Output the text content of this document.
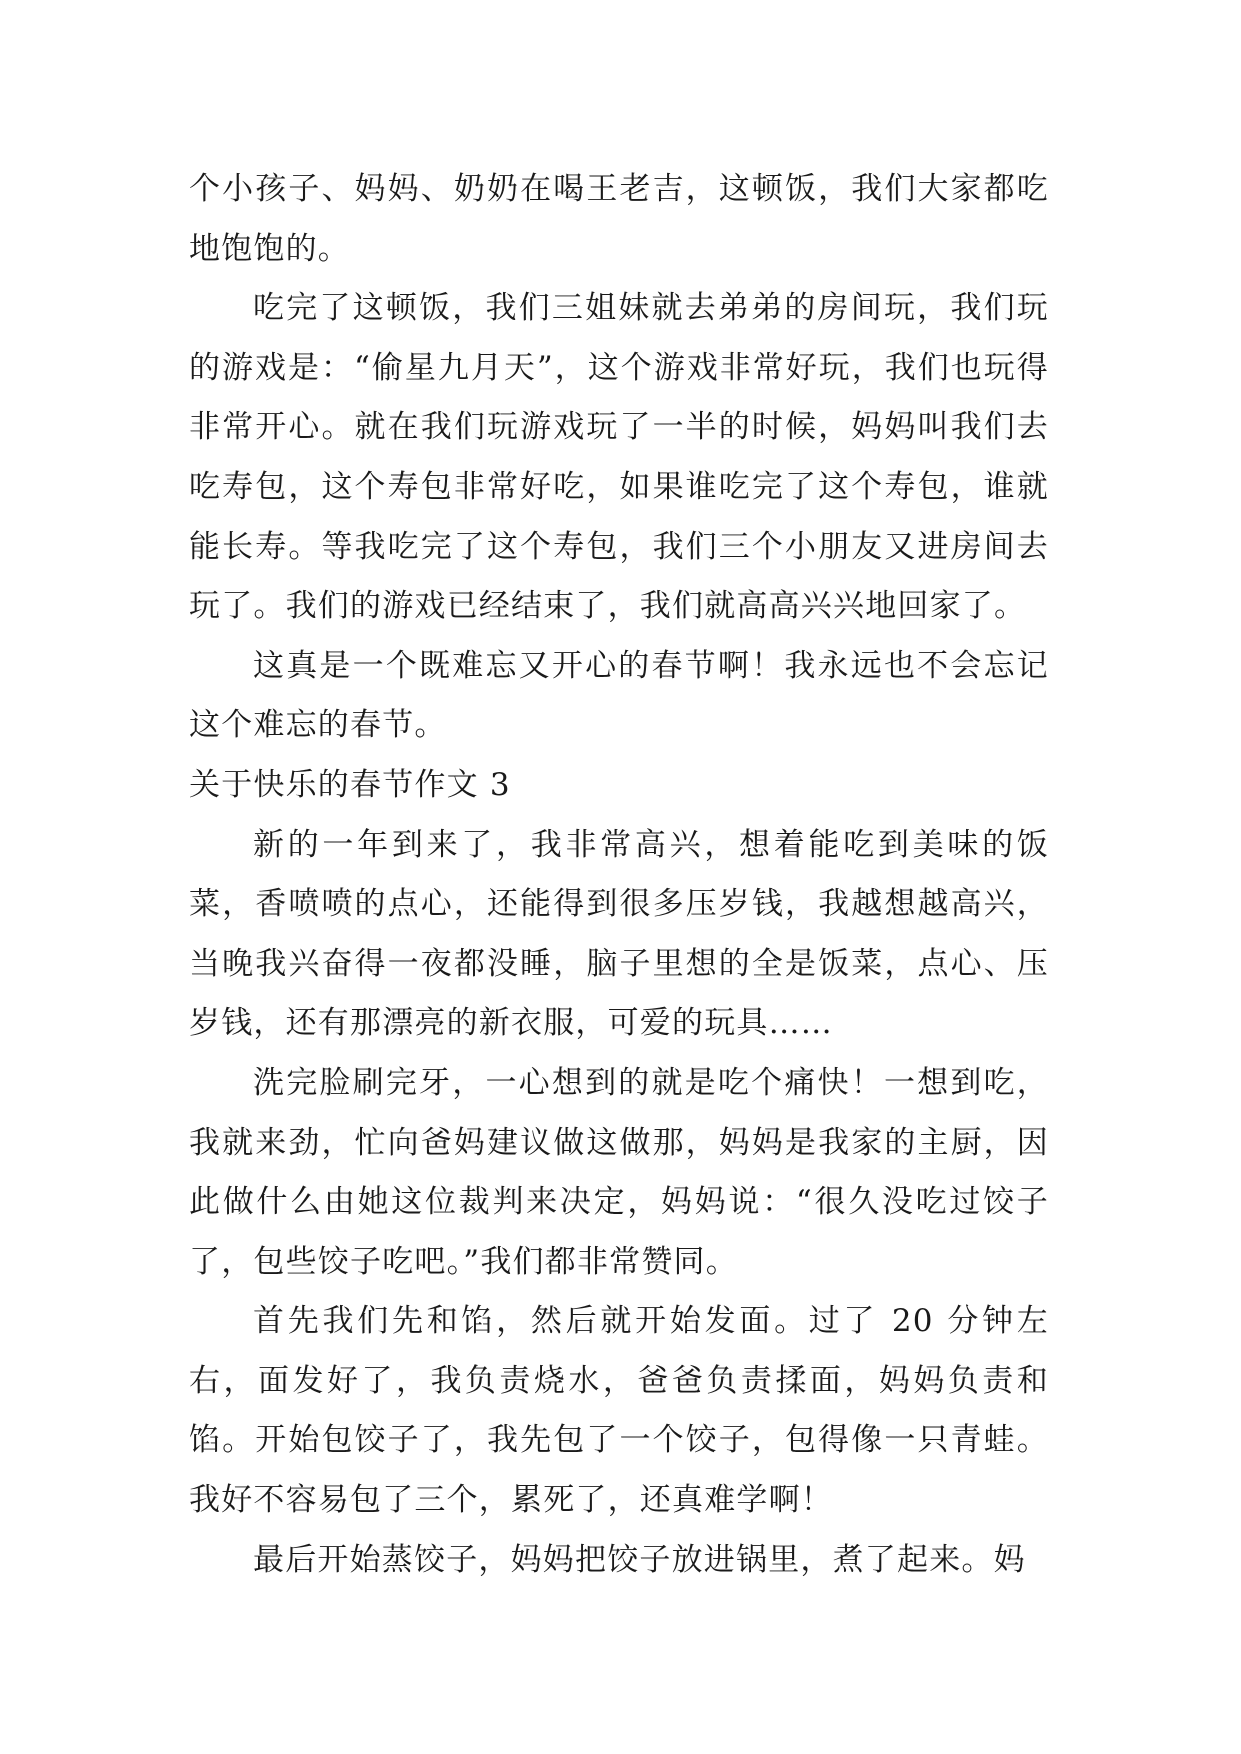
个小孩子、妈妈、奶奶在喝王老吉，这顿饭，我们大家都吃地饱饱的。

吃完了这顿饭，我们三姐妹就去弟弟的房间玩，我们玩的游戏是：“偷星九月天”，这个游戏非常好玩，我们也玩得非常开心。就在我们玩游戏玩了一半的时候，妈妈叫我们去吃寿包，这个寿包非常好吃，如果谁吃完了这个寿包，谁就能长寿。等我吃完了这个寿包，我们三个小朋友又进房间去玩了。我们的游戏已经结束了，我们就高高兴兴地回家了。

这真是一个既难忘又开心的春节啊！我永远也不会忘记这个难忘的春节。

关于快乐的春节作文 3

新的一年到来了，我非常高兴，想着能吃到美味的饭菜，香喷喷的点心，还能得到很多压岁钱，我越想越高兴，当晚我兴奋得一夜都没睡，脑子里想的全是饭菜，点心、压岁钱，还有那漂亮的新衣服，可爱的玩具……

洗完脸刷完牙，一心想到的就是吃个痛快！一想到吃，我就来劲，忙向爸妈建议做这做那，妈妈是我家的主厨，因此做什么由她这位裁判来决定，妈妈说：“很久没吃过饺子了，包些饺子吃吧。”我们都非常赞同。

首先我们先和馅，然后就开始发面。过了 20 分钟左右，面发好了，我负责烧水，爸爸负责揉面，妈妈负责和馅。开始包饺子了，我先包了一个饺子，包得像一只青蛙。我好不容易包了三个，累死了，还真难学啊！

最后开始蒸饺子，妈妈把饺子放进锅里，煮了起来。妈
